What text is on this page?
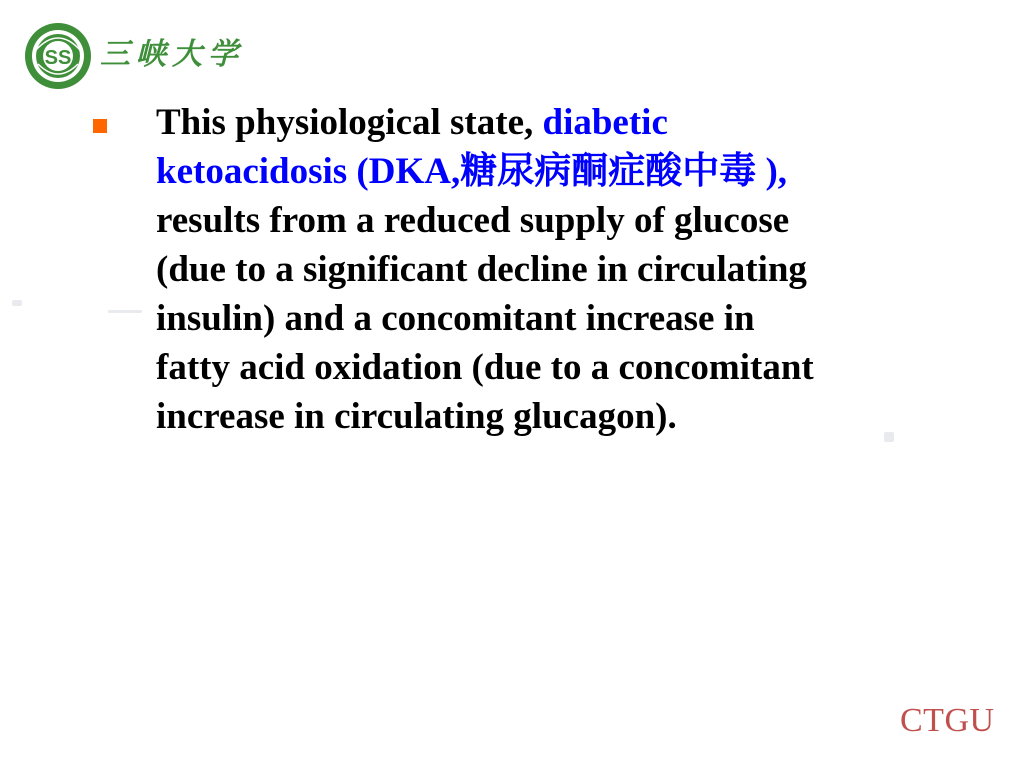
SS 三峡大学

This physiological state, diabetic
ketoacidosis (DKA,糖尿病酮症酸中毒 ),
results from a reduced supply of glucose
(due to a significant decline in circulating
insulin) and a concomitant increase in
fatty acid oxidation (due to a concomitant
increase in circulating glucagon).

CTGU
